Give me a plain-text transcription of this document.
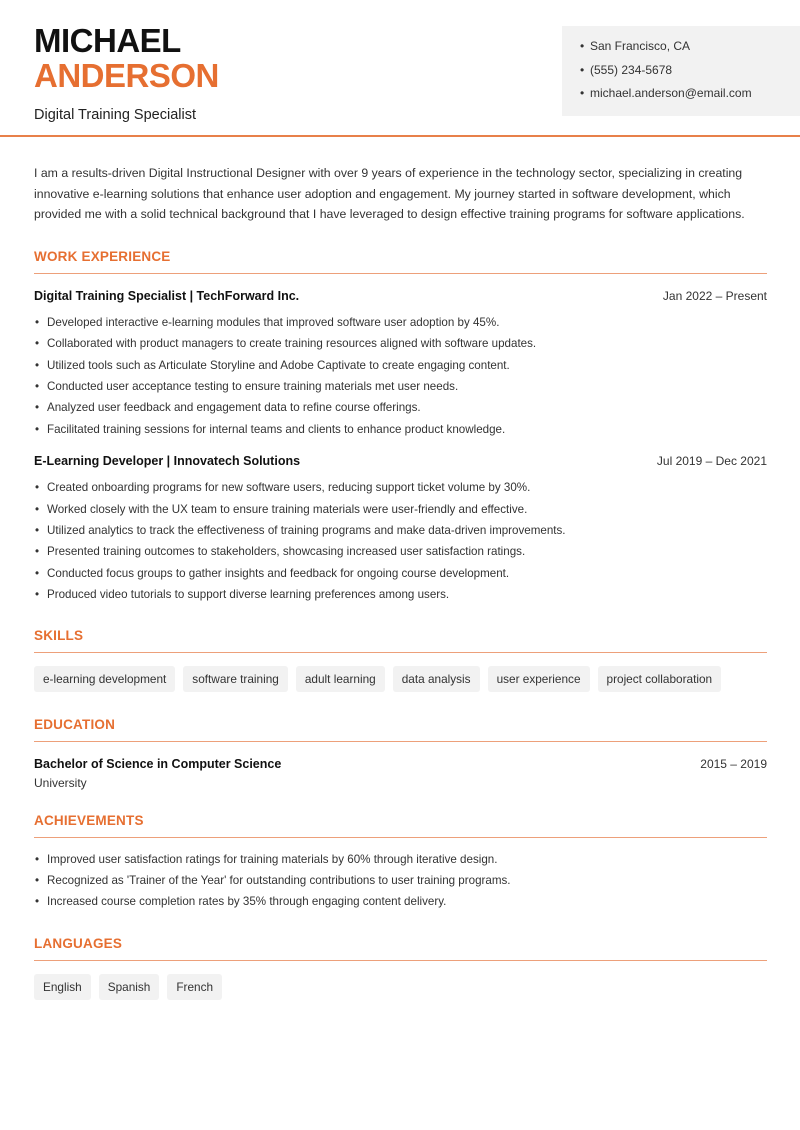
MICHAEL
ANDERSON
Digital Training Specialist
• San Francisco, CA
• (555) 234-5678
• michael.anderson@email.com

I am a results-driven Digital Instructional Designer with over 9 years of experience in the technology sector, specializing in creating innovative e-learning solutions that enhance user adoption and engagement. My journey started in software development, which provided me with a solid technical background that I have leveraged to design effective training programs for software applications.

WORK EXPERIENCE
Digital Training Specialist | TechForward Inc.	Jan 2022 – Present
• Developed interactive e-learning modules that improved software user adoption by 45%.
• Collaborated with product managers to create training resources aligned with software updates.
• Utilized tools such as Articulate Storyline and Adobe Captivate to create engaging content.
• Conducted user acceptance testing to ensure training materials met user needs.
• Analyzed user feedback and engagement data to refine course offerings.
• Facilitated training sessions for internal teams and clients to enhance product knowledge.
E-Learning Developer | Innovatech Solutions	Jul 2019 – Dec 2021
• Created onboarding programs for new software users, reducing support ticket volume by 30%.
• Worked closely with the UX team to ensure training materials were user-friendly and effective.
• Utilized analytics to track the effectiveness of training programs and make data-driven improvements.
• Presented training outcomes to stakeholders, showcasing increased user satisfaction ratings.
• Conducted focus groups to gather insights and feedback for ongoing course development.
• Produced video tutorials to support diverse learning preferences among users.
SKILLS
e-learning development	software training	adult learning	data analysis	user experience	project collaboration
EDUCATION
Bachelor of Science in Computer Science	2015 – 2019
University
ACHIEVEMENTS
• Improved user satisfaction ratings for training materials by 60% through iterative design.
• Recognized as 'Trainer of the Year' for outstanding contributions to user training programs.
• Increased course completion rates by 35% through engaging content delivery.
LANGUAGES
English	Spanish	French
